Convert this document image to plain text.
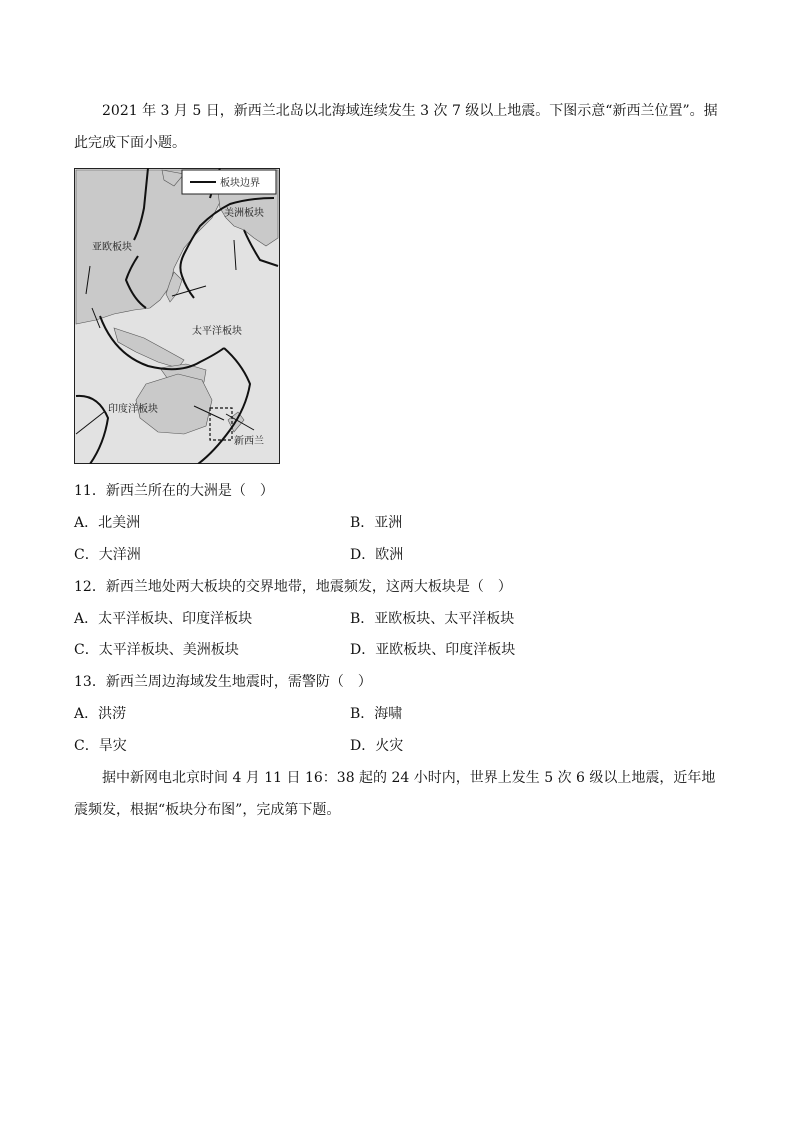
2021 年 3 月 5 日，新西兰北岛以北海域连续发生 3 次 7 级以上地震。下图示意“新西兰位置”。据此完成下面小题。
板块边界
美洲板块
亚欧板块
太平洋板块
印度洋板块
新西兰
11．新西兰所在的大洲是（　）
A．北美洲	B．亚洲
C．大洋洲	D．欧洲
12．新西兰地处两大板块的交界地带，地震频发，这两大板块是（　）
A．太平洋板块、印度洋板块	B．亚欧板块、太平洋板块
C．太平洋板块、美洲板块	D．亚欧板块、印度洋板块
13．新西兰周边海域发生地震时，需警防（　）
A．洪涝	B．海啸
C．旱灾	D．火灾
据中新网电北京时间 4 月 11 日 16：38 起的 24 小时内，世界上发生 5 次 6 级以上地震，近年地震频发，根据“板块分布图”，完成第下题。
